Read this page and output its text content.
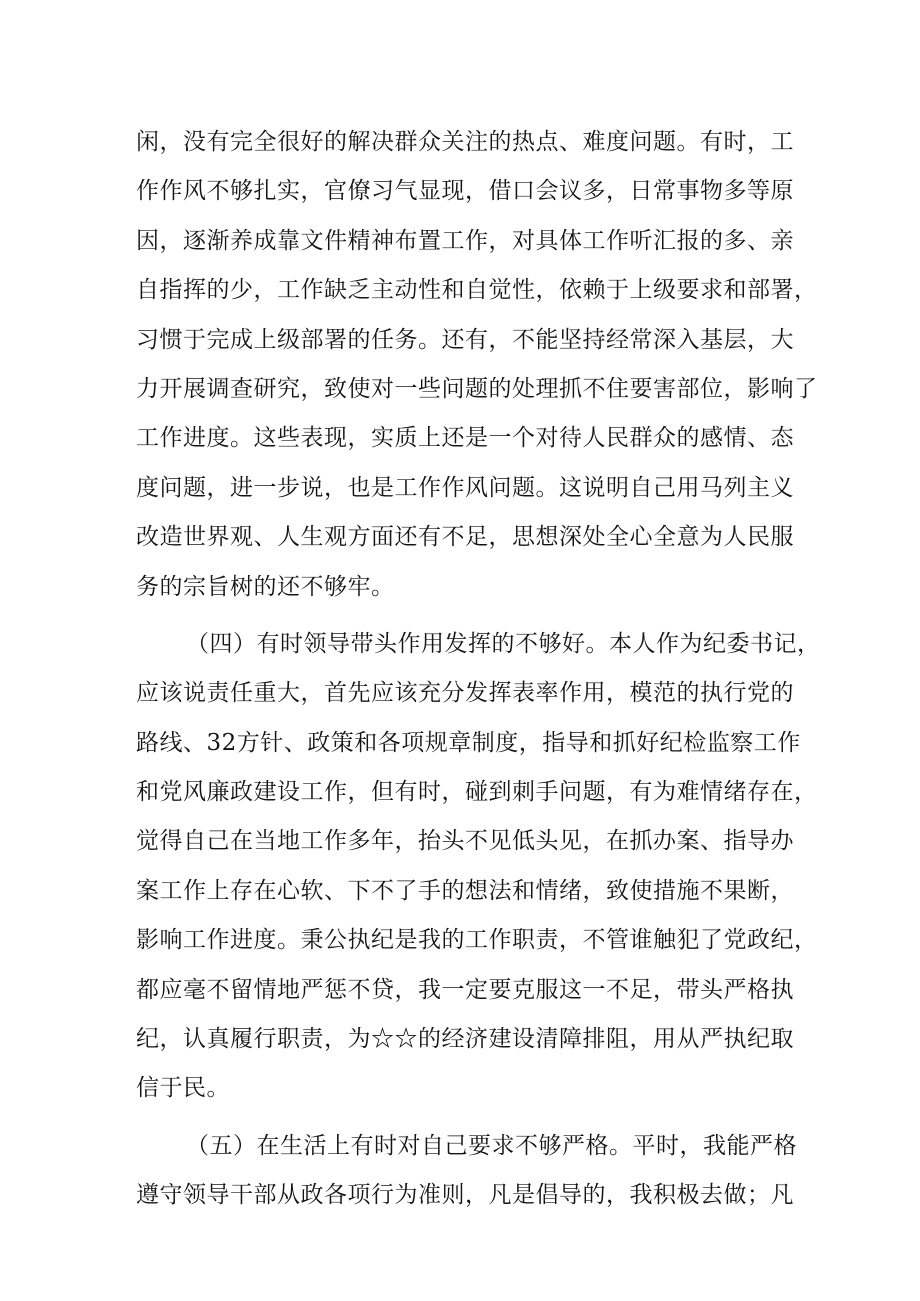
闲，没有完全很好的解决群众关注的热点、难度问题。有时，工
作作风不够扎实，官僚习气显现，借口会议多，日常事物多等原
因，逐渐养成靠文件精神布置工作，对具体工作听汇报的多、亲
自指挥的少，工作缺乏主动性和自觉性，依赖于上级要求和部署，
习惯于完成上级部署的任务。还有，不能坚持经常深入基层，大
力开展调查研究，致使对一些问题的处理抓不住要害部位，影响了
工作进度。这些表现，实质上还是一个对待人民群众的感情、态
度问题，进一步说，也是工作作风问题。这说明自己用马列主义
改造世界观、人生观方面还有不足，思想深处全心全意为人民服
务的宗旨树的还不够牢。
（四）有时领导带头作用发挥的不够好。本人作为纪委书记，
应该说责任重大，首先应该充分发挥表率作用，模范的执行党的
路线、32方针、政策和各项规章制度，指导和抓好纪检监察工作
和党风廉政建设工作，但有时，碰到刺手问题，有为难情绪存在，
觉得自己在当地工作多年，抬头不见低头见，在抓办案、指导办
案工作上存在心软、下不了手的想法和情绪，致使措施不果断，
影响工作进度。秉公执纪是我的工作职责，不管谁触犯了党政纪，
都应毫不留情地严惩不贷，我一定要克服这一不足，带头严格执
纪，认真履行职责，为☆☆的经济建设清障排阻，用从严执纪取
信于民。
（五）在生活上有时对自己要求不够严格。平时，我能严格
遵守领导干部从政各项行为准则，凡是倡导的，我积极去做；凡
